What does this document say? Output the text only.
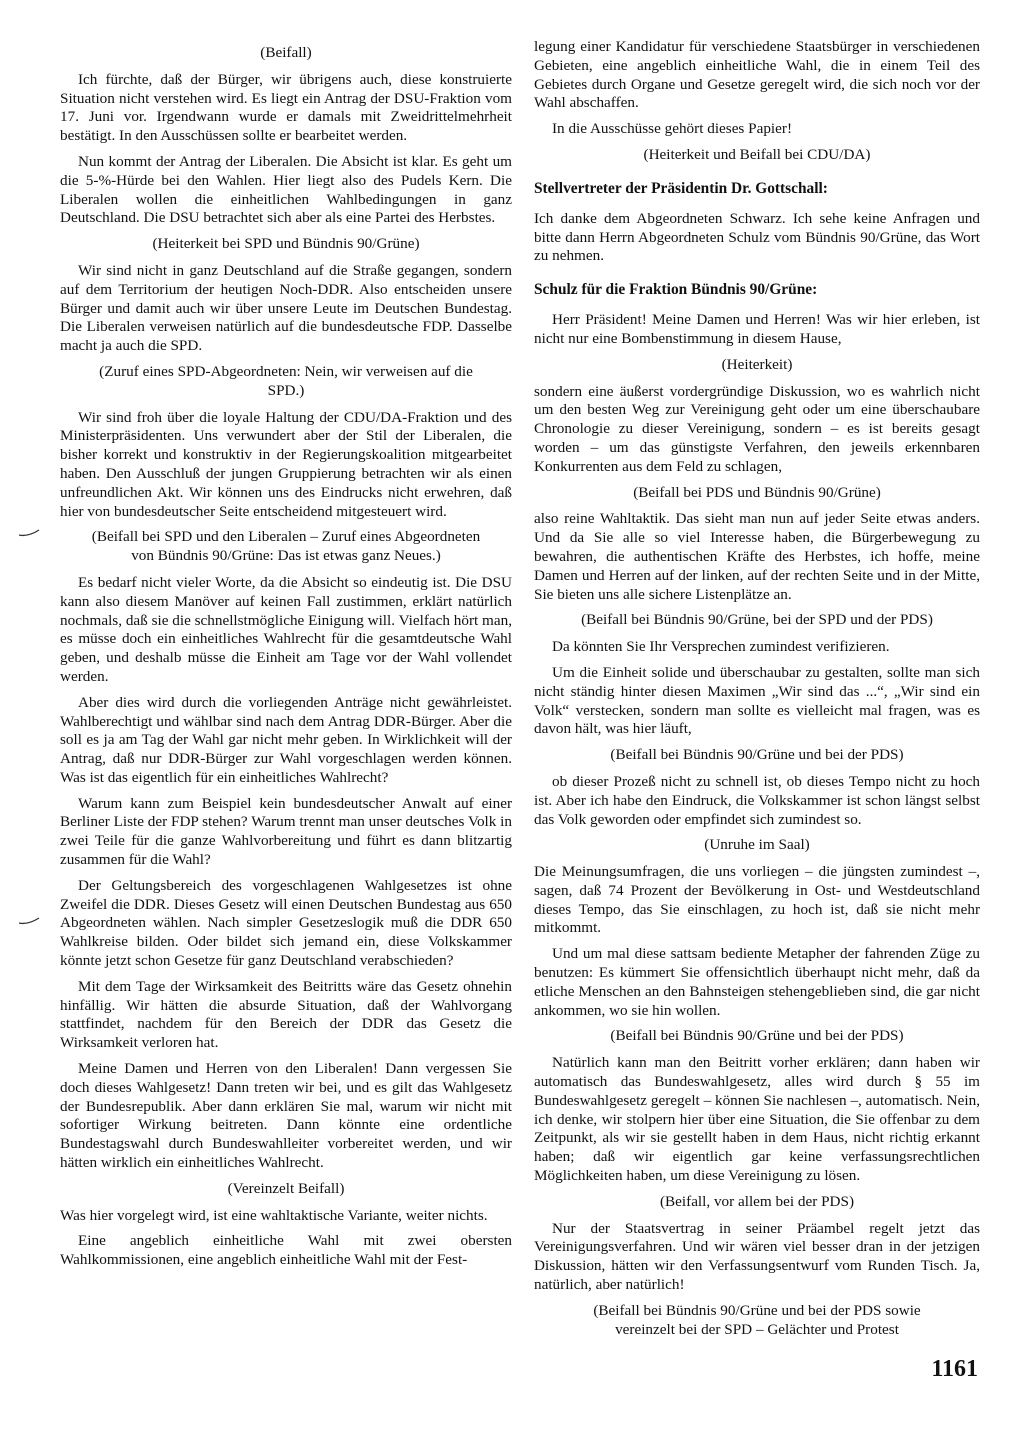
(Beifall)

Ich fürchte, daß der Bürger, wir übrigens auch, diese konstruierte Situation nicht verstehen wird. Es liegt ein Antrag der DSU-Fraktion vom 17. Juni vor. Irgendwann wurde er damals mit Zweidrittelmehrheit bestätigt. In den Ausschüssen sollte er bearbeitet werden.

Nun kommt der Antrag der Liberalen. Die Absicht ist klar. Es geht um die 5-%-Hürde bei den Wahlen. Hier liegt also des Pudels Kern. Die Liberalen wollen die einheitlichen Wahlbedingungen in ganz Deutschland. Die DSU betrachtet sich aber als eine Partei des Herbstes.

(Heiterkeit bei SPD und Bündnis 90/Grüne)

Wir sind nicht in ganz Deutschland auf die Straße gegangen, sondern auf dem Territorium der heutigen Noch-DDR. Also entscheiden unsere Bürger und damit auch wir über unsere Leute im Deutschen Bundestag. Die Liberalen verweisen natürlich auf die bundesdeutsche FDP. Dasselbe macht ja auch die SPD.

(Zuruf eines SPD-Abgeordneten: Nein, wir verweisen auf die SPD.)

Wir sind froh über die loyale Haltung der CDU/DA-Fraktion und des Ministerpräsidenten. Uns verwundert aber der Stil der Liberalen, die bisher korrekt und konstruktiv in der Regierungskoalition mitgearbeitet haben. Den Ausschluß der jungen Gruppierung betrachten wir als einen unfreundlichen Akt. Wir können uns des Eindrucks nicht erwehren, daß hier von bundesdeutscher Seite entscheidend mitgesteuert wird.

(Beifall bei SPD und den Liberalen – Zuruf eines Abgeordneten von Bündnis 90/Grüne: Das ist etwas ganz Neues.)

Es bedarf nicht vieler Worte, da die Absicht so eindeutig ist. Die DSU kann also diesem Manöver auf keinen Fall zustimmen, erklärt natürlich nochmals, daß sie die schnellstmögliche Einigung will. Vielfach hört man, es müsse doch ein einheitliches Wahlrecht für die gesamtdeutsche Wahl geben, und deshalb müsse die Einheit am Tage vor der Wahl vollendet werden.

Aber dies wird durch die vorliegenden Anträge nicht gewährleistet. Wahlberechtigt und wählbar sind nach dem Antrag DDR-Bürger. Aber die soll es ja am Tag der Wahl gar nicht mehr geben. In Wirklichkeit will der Antrag, daß nur DDR-Bürger zur Wahl vorgeschlagen werden können. Was ist das eigentlich für ein einheitliches Wahlrecht?

Warum kann zum Beispiel kein bundesdeutscher Anwalt auf einer Berliner Liste der FDP stehen? Warum trennt man unser deutsches Volk in zwei Teile für die ganze Wahlvorbereitung und führt es dann blitzartig zusammen für die Wahl?

Der Geltungsbereich des vorgeschlagenen Wahlgesetzes ist ohne Zweifel die DDR. Dieses Gesetz will einen Deutschen Bundestag aus 650 Abgeordneten wählen. Nach simpler Gesetzeslogik muß die DDR 650 Wahlkreise bilden. Oder bildet sich jemand ein, diese Volkskammer könnte jetzt schon Gesetze für ganz Deutschland verabschieden?

Mit dem Tage der Wirksamkeit des Beitritts wäre das Gesetz ohnehin hinfällig. Wir hätten die absurde Situation, daß der Wahlvorgang stattfindet, nachdem für den Bereich der DDR das Gesetz die Wirksamkeit verloren hat.

Meine Damen und Herren von den Liberalen! Dann vergessen Sie doch dieses Wahlgesetz! Dann treten wir bei, und es gilt das Wahlgesetz der Bundesrepublik. Aber dann erklären Sie mal, warum wir nicht mit sofortiger Wirkung beitreten. Dann könnte eine ordentliche Bundestagswahl durch Bundeswahlleiter vorbereitet werden, und wir hätten wirklich ein einheitliches Wahlrecht.

(Vereinzelt Beifall)

Was hier vorgelegt wird, ist eine wahltaktische Variante, weiter nichts.

Eine angeblich einheitliche Wahl mit zwei obersten Wahlkommissionen, eine angeblich einheitliche Wahl mit der Fest-

legung einer Kandidatur für verschiedene Staatsbürger in verschiedenen Gebieten, eine angeblich einheitliche Wahl, die in einem Teil des Gebietes durch Organe und Gesetze geregelt wird, die sich noch vor der Wahl abschaffen.

In die Ausschüsse gehört dieses Papier!

(Heiterkeit und Beifall bei CDU/DA)
Stellvertreter der Präsidentin Dr. Gottschall:

Ich danke dem Abgeordneten Schwarz. Ich sehe keine Anfragen und bitte dann Herrn Abgeordneten Schulz vom Bündnis 90/Grüne, das Wort zu nehmen.

Schulz für die Fraktion Bündnis 90/Grüne:

Herr Präsident! Meine Damen und Herren! Was wir hier erleben, ist nicht nur eine Bombenstimmung in diesem Hause,

(Heiterkeit)

sondern eine äußerst vordergründige Diskussion, wo es wahrlich nicht um den besten Weg zur Vereinigung geht oder um eine überschaubare Chronologie zu dieser Vereinigung, sondern – es ist bereits gesagt worden – um das günstigste Verfahren, den jeweils erkennbaren Konkurrenten aus dem Feld zu schlagen,

(Beifall bei PDS und Bündnis 90/Grüne)

also reine Wahltaktik. Das sieht man nun auf jeder Seite etwas anders. Und da Sie alle so viel Interesse haben, die Bürgerbewegung zu bewahren, die authentischen Kräfte des Herbstes, ich hoffe, meine Damen und Herren auf der linken, auf der rechten Seite und in der Mitte, Sie bieten uns alle sichere Listenplätze an.

(Beifall bei Bündnis 90/Grüne, bei der SPD und der PDS)

Da könnten Sie Ihr Versprechen zumindest verifizieren.

Um die Einheit solide und überschaubar zu gestalten, sollte man sich nicht ständig hinter diesen Maximen „Wir sind das ...“, „Wir sind ein Volk“ verstecken, sondern man sollte es vielleicht mal fragen, was es davon hält, was hier läuft,

(Beifall bei Bündnis 90/Grüne und bei der PDS)

ob dieser Prozeß nicht zu schnell ist, ob dieses Tempo nicht zu hoch ist. Aber ich habe den Eindruck, die Volkskammer ist schon längst selbst das Volk geworden oder empfindet sich zumindest so.

(Unruhe im Saal)

Die Meinungsumfragen, die uns vorliegen – die jüngsten zumindest –, sagen, daß 74 Prozent der Bevölkerung in Ost- und Westdeutschland dieses Tempo, das Sie einschlagen, zu hoch ist, daß sie nicht mehr mitkommt.

Und um mal diese sattsam bediente Metapher der fahrenden Züge zu benutzen: Es kümmert Sie offensichtlich überhaupt nicht mehr, daß da etliche Menschen an den Bahnsteigen stehengeblieben sind, die gar nicht ankommen, wo sie hin wollen.

(Beifall bei Bündnis 90/Grüne und bei der PDS)

Natürlich kann man den Beitritt vorher erklären; dann haben wir automatisch das Bundeswahlgesetz, alles wird durch § 55 im Bundeswahlgesetz geregelt – können Sie nachlesen –, automatisch. Nein, ich denke, wir stolpern hier über eine Situation, die Sie offenbar zu dem Zeitpunkt, als wir sie gestellt haben in dem Haus, nicht richtig erkannt haben; daß wir eigentlich gar keine verfassungsrechtlichen Möglichkeiten haben, um diese Vereinigung zu lösen.

(Beifall, vor allem bei der PDS)

Nur der Staatsvertrag in seiner Präambel regelt jetzt das Vereinigungsverfahren. Und wir wären viel besser dran in der jetzigen Diskussion, hätten wir den Verfassungsentwurf vom Runden Tisch. Ja, natürlich, aber natürlich!

(Beifall bei Bündnis 90/Grüne und bei der PDS sowie vereinzelt bei der SPD – Gelächter und Protest
1161
